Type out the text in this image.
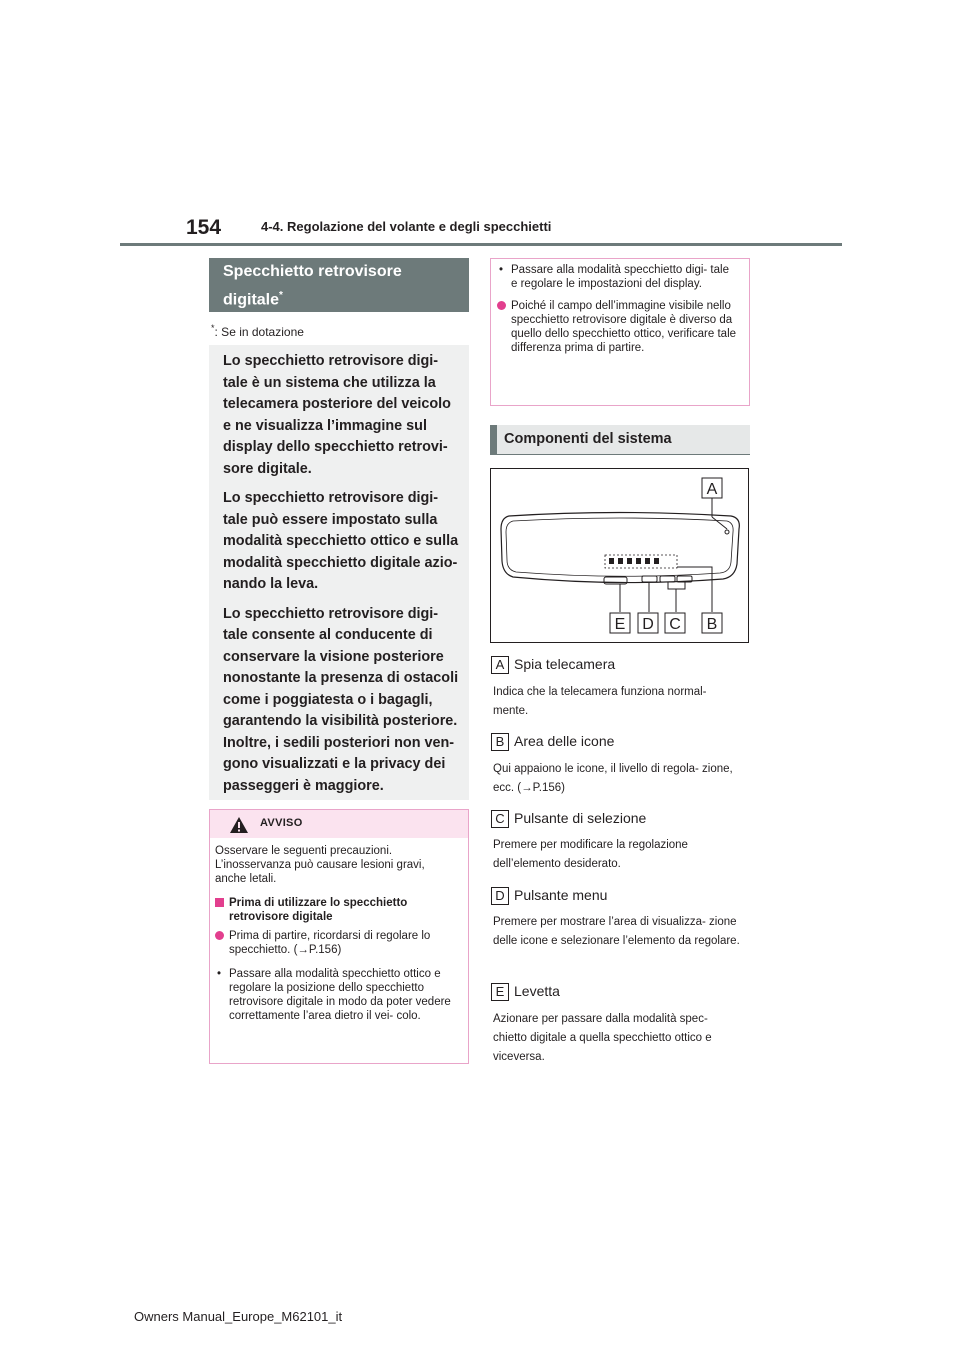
154	4-4. Regolazione del volante e degli specchietti
Specchietto retrovisore
digitale*
*: Se in dotazione

Lo specchietto retrovisore digi- tale è un sistema che utilizza la telecamera posteriore del veicolo e ne visualizza l’immagine sul display dello specchietto retrovi- sore digitale.

Lo specchietto retrovisore digi- tale può essere impostato sulla modalità specchietto ottico e sulla modalità specchietto digitale azio- nando la leva.

Lo specchietto retrovisore digi- tale consente al conducente di conservare la visione posteriore nonostante la presenza di ostacoli come i poggiatesta o i bagagli, garantendo la visibilità posteriore. Inoltre, i sedili posteriori non ven- gono visualizzati e la privacy dei passeggeri è maggiore.

AVVISO

Osservare le seguenti precauzioni. L’inosservanza può causare lesioni gravi, anche letali.

Prima di utilizzare lo specchietto retrovisore digitale

Prima di partire, ricordarsi di regolare lo specchietto. (→P.156)

• Passare alla modalità specchietto ottico e regolare la posizione dello specchietto retrovisore digitale in modo da poter vedere correttamente l’area dietro il vei- colo.

• Passare alla modalità specchietto digi- tale e regolare le impostazioni del display.

Poiché il campo dell’immagine visibile nello specchietto retrovisore digitale è diverso da quello dello specchietto ottico, verificare tale differenza prima di partire.

Componenti del sistema
A
E D C B
A Spia telecamera
Indica che la telecamera funziona normal- mente.
B Area delle icone
Qui appaiono le icone, il livello di regola- zione, ecc. (→P.156)
C Pulsante di selezione
Premere per modificare la regolazione dell’elemento desiderato.
D Pulsante menu
Premere per mostrare l’area di visualizza- zione delle icone e selezionare l’elemento da regolare.
E Levetta
Azionare per passare dalla modalità spec- chietto digitale a quella specchietto ottico e viceversa.
Owners Manual_Europe_M62101_it
